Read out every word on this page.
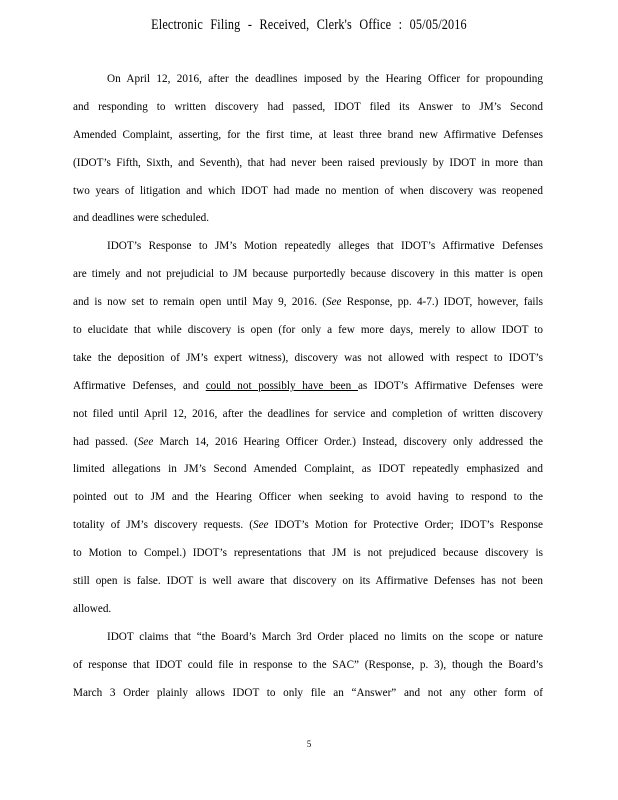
Electronic Filing - Received, Clerk's Office : 05/05/2016
On April 12, 2016, after the deadlines imposed by the Hearing Officer for propounding
and responding to written discovery had passed, IDOT filed its Answer to JM’s Second
Amended Complaint, asserting, for the first time, at least three brand new Affirmative Defenses
(IDOT’s Fifth, Sixth, and Seventh), that had never been raised previously by IDOT in more than
two years of litigation and which IDOT had made no mention of when discovery was reopened
and deadlines were scheduled.
IDOT’s Response to JM’s Motion repeatedly alleges that IDOT’s Affirmative Defenses
are timely and not prejudicial to JM because purportedly because discovery in this matter is open
and is now set to remain open until May 9, 2016. (See Response, pp. 4-7.) IDOT, however, fails
to elucidate that while discovery is open (for only a few more days, merely to allow IDOT to
take the deposition of JM’s expert witness), discovery was not allowed with respect to IDOT’s
Affirmative Defenses, and could not possibly have been as IDOT’s Affirmative Defenses were
not filed until April 12, 2016, after the deadlines for service and completion of written discovery
had passed. (See March 14, 2016 Hearing Officer Order.) Instead, discovery only addressed the
limited allegations in JM’s Second Amended Complaint, as IDOT repeatedly emphasized and
pointed out to JM and the Hearing Officer when seeking to avoid having to respond to the
totality of JM’s discovery requests. (See IDOT’s Motion for Protective Order; IDOT’s Response
to Motion to Compel.) IDOT’s representations that JM is not prejudiced because discovery is
still open is false. IDOT is well aware that discovery on its Affirmative Defenses has not been
allowed.
IDOT claims that “the Board’s March 3rd Order placed no limits on the scope or nature
of response that IDOT could file in response to the SAC” (Response, p. 3), though the Board’s
March 3 Order plainly allows IDOT to only file an “Answer” and not any other form of
5
